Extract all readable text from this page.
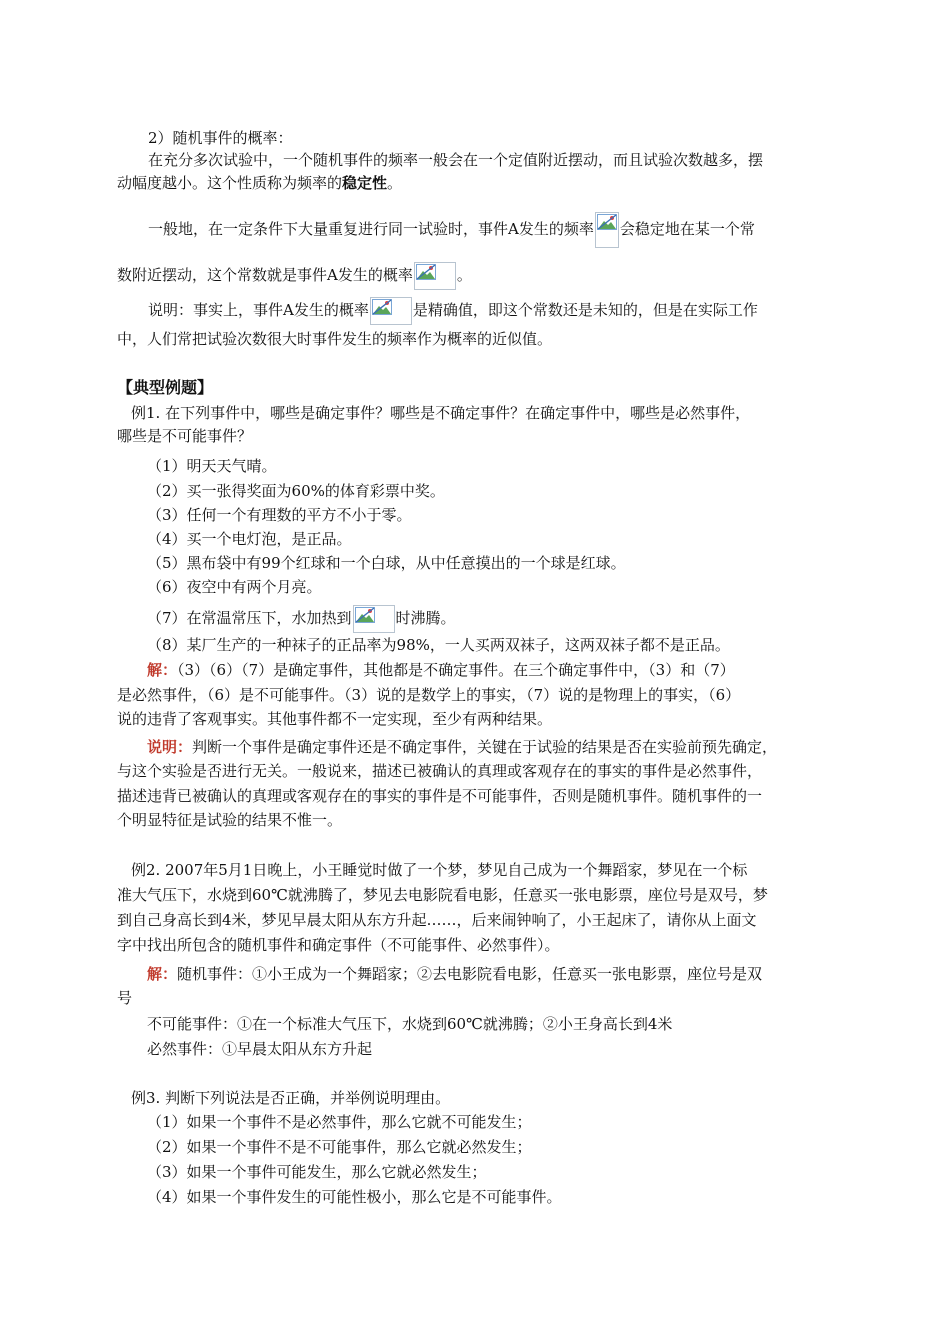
2）随机事件的概率：
在充分多次试验中，一个随机事件的频率一般会在一个定值附近摆动，而且试验次数越多，摆
动幅度越小。这个性质称为频率的稳定性。
一般地，在一定条件下大量重复进行同一试验时，事件A发生的频率 会稳定地在某一个常
数附近摆动，这个常数就是事件A发生的概率	。
说明：事实上，事件A发生的概率	是精确值，即这个常数还是未知的，但是在实际工作
中，人们常把试验次数很大时事件发生的频率作为概率的近似值。
【典型例题】
例1. 在下列事件中，哪些是确定事件？哪些是不确定事件？在确定事件中，哪些是必然事件，
哪些是不可能事件？
（1）明天天气晴。
（2）买一张得奖面为60%的体育彩票中奖。
（3）任何一个有理数的平方不小于零。
（4）买一个电灯泡，是正品。
（5）黑布袋中有99个红球和一个白球，从中任意摸出的一个球是红球。
（6）夜空中有两个月亮。
（7）在常温常压下，水加热到	时沸腾。
（8）某厂生产的一种袜子的正品率为98%，一人买两双袜子，这两双袜子都不是正品。
解：（3）（6）（7）是确定事件，其他都是不确定事件。在三个确定事件中，（3）和（7）
是必然事件，（6）是不可能事件。（3）说的是数学上的事实，（7）说的是物理上的事实，（6）
说的违背了客观事实。其他事件都不一定实现，至少有两种结果。
说明：判断一个事件是确定事件还是不确定事件，关键在于试验的结果是否在实验前预先确定，
与这个实验是否进行无关。一般说来，描述已被确认的真理或客观存在的事实的事件是必然事件，
描述违背已被确认的真理或客观存在的事实的事件是不可能事件，否则是随机事件。随机事件的一
个明显特征是试验的结果不惟一。
例2. 2007年5月1日晚上，小王睡觉时做了一个梦，梦见自己成为一个舞蹈家，梦见在一个标
准大气压下，水烧到60℃就沸腾了，梦见去电影院看电影，任意买一张电影票，座位号是双号，梦
到自己身高长到4米，梦见早晨太阳从东方升起……，后来闹钟响了，小王起床了，请你从上面文
字中找出所包含的随机事件和确定事件（不可能事件、必然事件）。
解：随机事件：①小王成为一个舞蹈家；②去电影院看电影，任意买一张电影票，座位号是双
号
不可能事件：①在一个标准大气压下，水烧到60℃就沸腾；②小王身高长到4米
必然事件：①早晨太阳从东方升起
例3. 判断下列说法是否正确，并举例说明理由。
（1）如果一个事件不是必然事件，那么它就不可能发生；
（2）如果一个事件不是不可能事件，那么它就必然发生；
（3）如果一个事件可能发生，那么它就必然发生；
（4）如果一个事件发生的可能性极小，那么它是不可能事件。
